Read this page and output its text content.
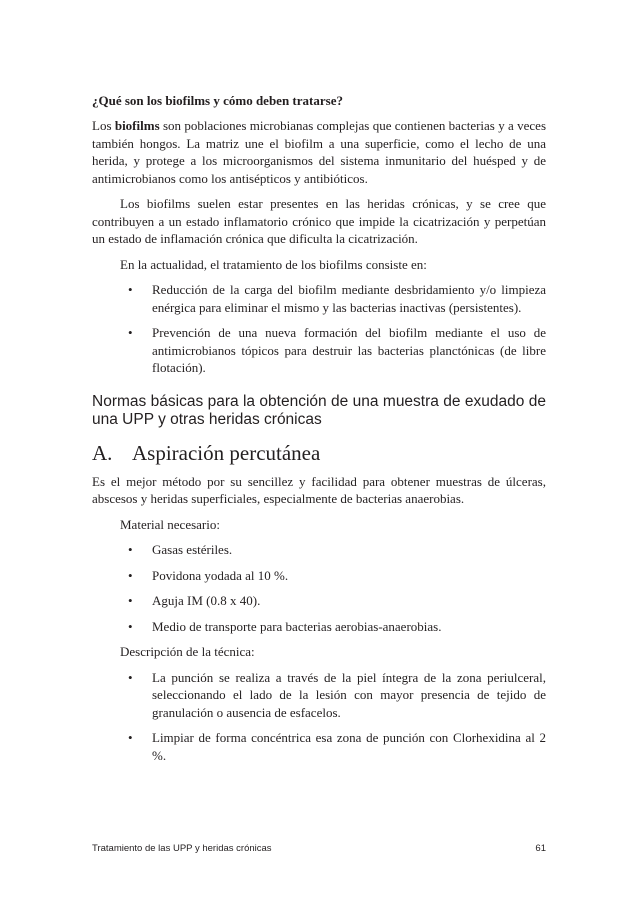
¿Qué son los biofilms y cómo deben tratarse?

Los biofilms son poblaciones microbianas complejas que contienen bacterias y a veces también hongos. La matriz une el biofilm a una superficie, como el lecho de una herida, y protege a los microorganismos del sistema inmunitario del huésped y de antimicrobianos como los antisépticos y antibióticos.

Los biofilms suelen estar presentes en las heridas crónicas, y se cree que contribuyen a un estado inflamatorio crónico que impide la cicatrización y perpetúan un estado de inflamación crónica que dificulta la cicatrización.

En la actualidad, el tratamiento de los biofilms consiste en:

• Reducción de la carga del biofilm mediante desbridamiento y/o limpieza enérgica para eliminar el mismo y las bacterias inactivas (persistentes).
• Prevención de una nueva formación del biofilm mediante el uso de antimicrobianos tópicos para destruir las bacterias planctónicas (de libre flotación).

Normas básicas para la obtención de una muestra de exudado de una UPP y otras heridas crónicas

A. Aspiración percutánea

Es el mejor método por su sencillez y facilidad para obtener muestras de úlceras, abscesos y heridas superficiales, especialmente de bacterias anaerobias.

Material necesario:

• Gasas estériles.
• Povidona yodada al 10 %.
• Aguja IM (0.8 x 40).
• Medio de transporte para bacterias aerobias-anaerobias.

Descripción de la técnica:

• La punción se realiza a través de la piel íntegra de la zona periulceral, seleccionando el lado de la lesión con mayor presencia de tejido de granulación o ausencia de esfacelos.
• Limpiar de forma concéntrica esa zona de punción con Clorhexidina al 2 %.
Tratamiento de las UPP y heridas crónicas	61
